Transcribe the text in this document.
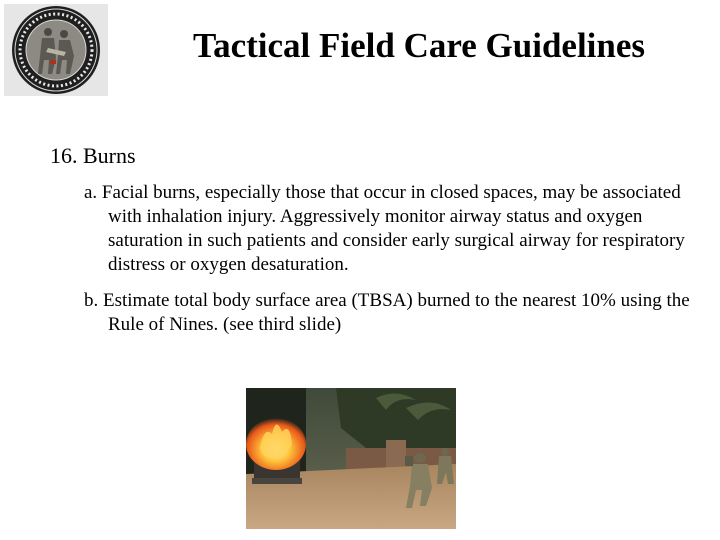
Tactical Field Care Guidelines
16. Burns
a. Facial burns, especially those that occur in closed spaces, may be associated with inhalation injury. Aggressively monitor airway status and oxygen saturation in such patients and consider early surgical airway for respiratory distress or oxygen desaturation.
b. Estimate total body surface area (TBSA) burned to the nearest 10% using the Rule of Nines. (see third slide)
